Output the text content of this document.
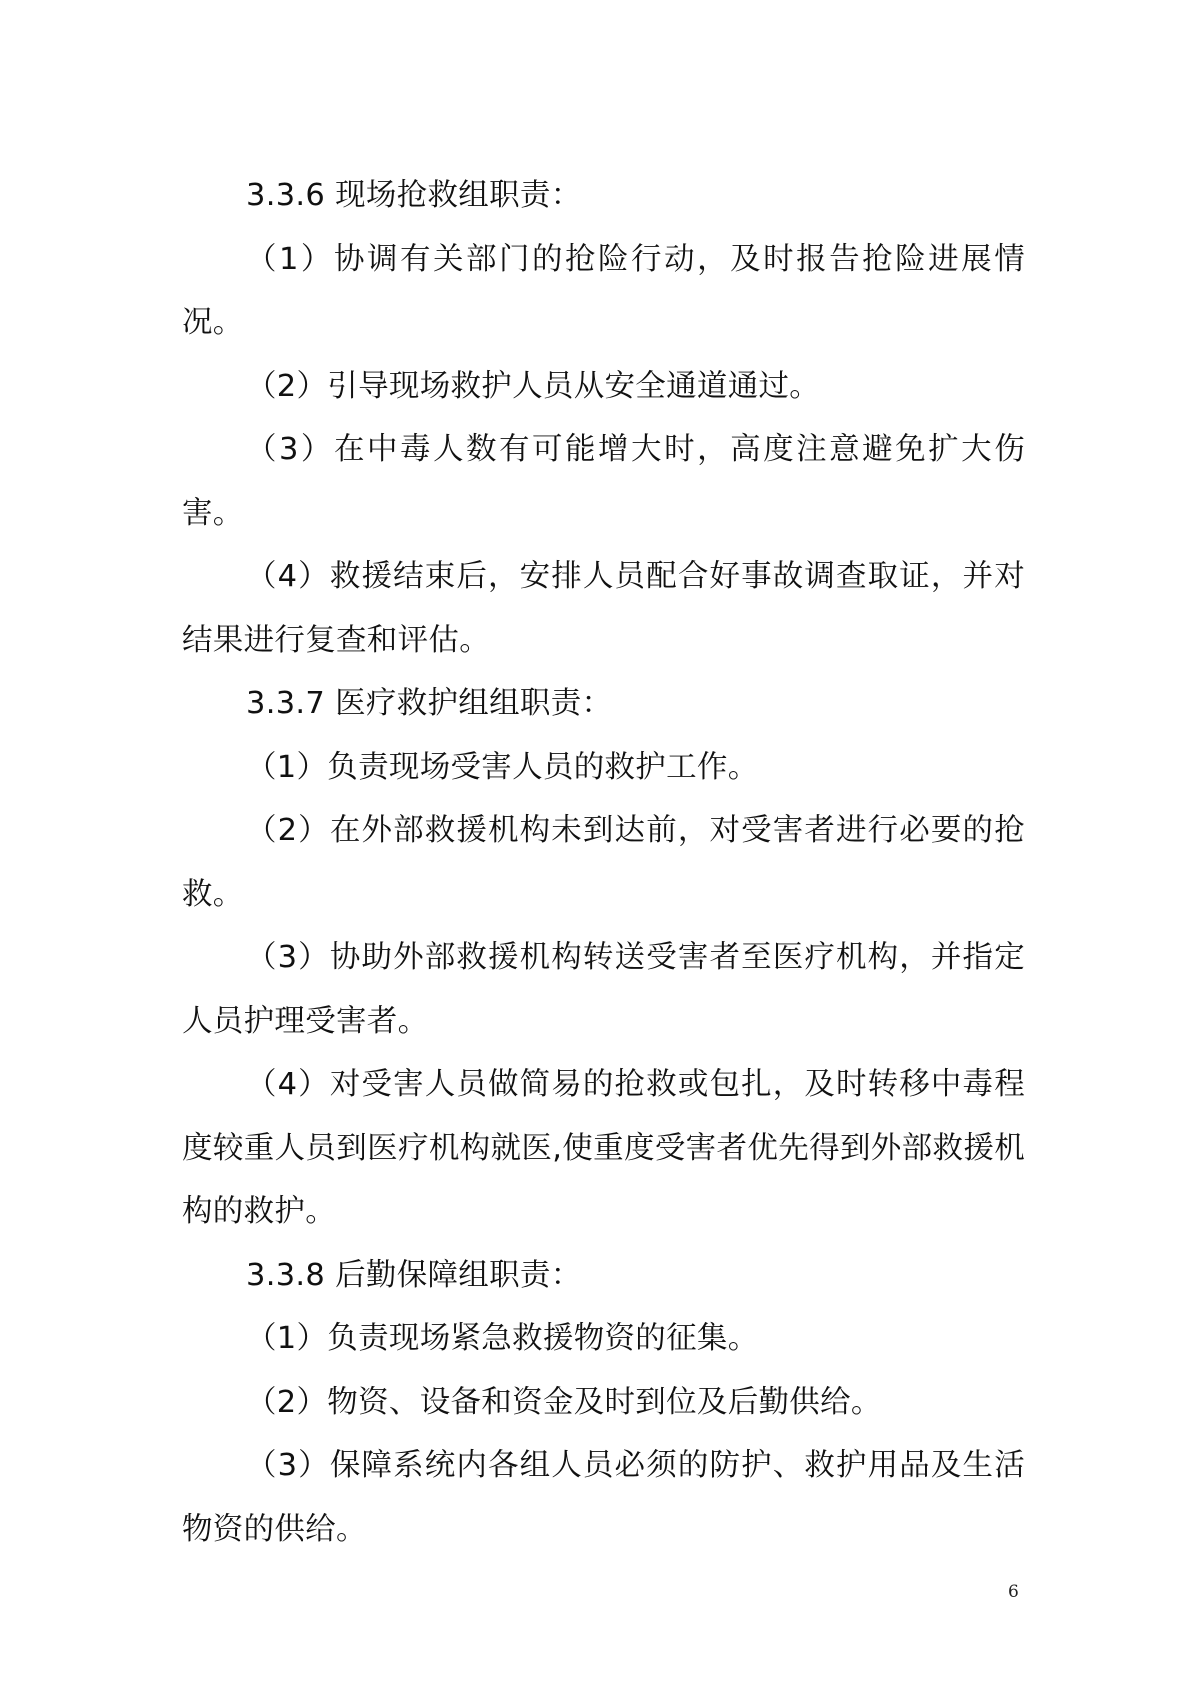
3.3.6 现场抢救组职责：

（1）协调有关部门的抢险行动，及时报告抢险进展情况。

（2）引导现场救护人员从安全通道通过。

（3）在中毒人数有可能增大时，高度注意避免扩大伤害。

（4）救援结束后，安排人员配合好事故调查取证，并对结果进行复查和评估。

3.3.7 医疗救护组组职责：

（1）负责现场受害人员的救护工作。

（2）在外部救援机构未到达前，对受害者进行必要的抢救。

（3）协助外部救援机构转送受害者至医疗机构，并指定人员护理受害者。

（4）对受害人员做简易的抢救或包扎，及时转移中毒程度较重人员到医疗机构就医,使重度受害者优先得到外部救援机构的救护。

3.3.8 后勤保障组职责：

（1）负责现场紧急救援物资的征集。

（2）物资、设备和资金及时到位及后勤供给。

（3）保障系统内各组人员必须的防护、救护用品及生活物资的供给。

6
